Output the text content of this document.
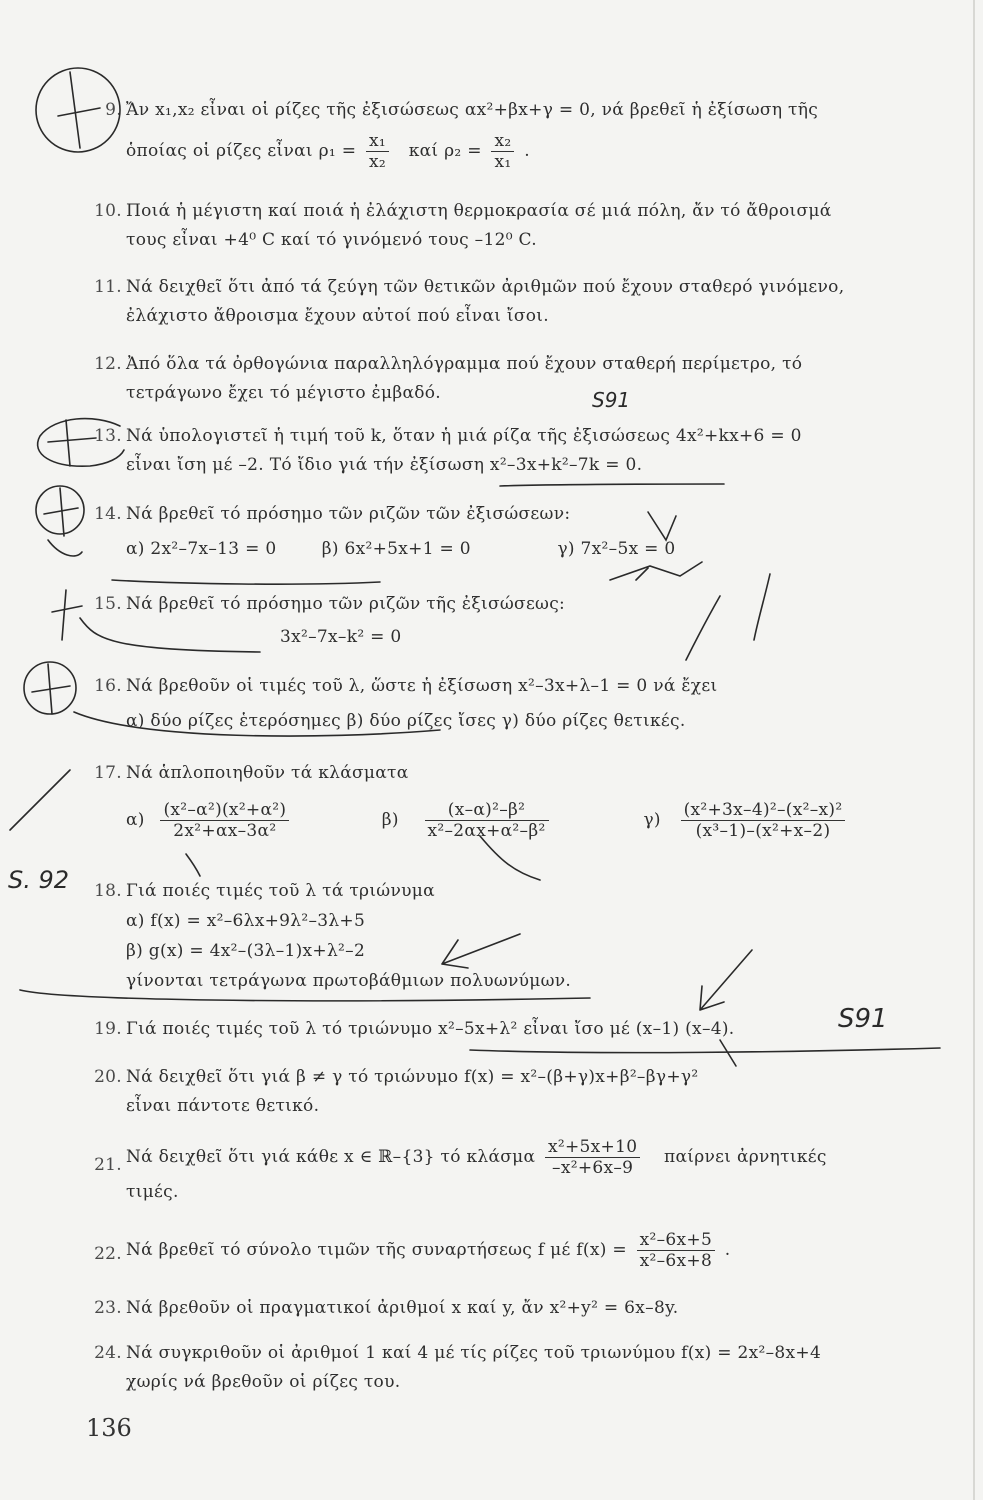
9. Ἄν x₁,x₂ εἶναι οἱ ρίζες τῆς ἐξισώσεως αx²+βx+γ = 0, νά βρεθεῖ ἡ ἐξίσωση τῆς
ὁποίας οἱ ρίζες εἶναι $\rho_1 = \frac{\text{x₁}}{\text{x₂}}$ καί $\rho_2 = \frac{\text{x₂}}{\text{x₁}}$ .
10. Ποιά ἡ μέγιστη καί ποιά ἡ ἐλάχιστη θερμοκρασία σέ μιά πόλη, ἄν τό ἄθροισμά
τους εἶναι +4⁰ C καί τό γινόμενό τους –12⁰ C.
11. Νά δειχθεῖ ὅτι ἀπό τά ζεύγη τῶν θετικῶν ἀριθμῶν πού ἔχουν σταθερό γινόμενο,
ἐλάχιστο ἄθροισμα ἔχουν αὐτοί πού εἶναι ἴσοι.
12. Ἀπό ὅλα τά ὀρθογώνια παραλληλόγραμμα πού ἔχουν σταθερή περίμετρο, τό
τετράγωνο ἔχει τό μέγιστο ἐμβαδό.
13. Νά ὑπολογιστεῖ ἡ τιμή τοῦ k, ὅταν ἡ μιά ρίζα τῆς ἐξισώσεως 4x²+kx+6 = 0
εἶναι ἴση μέ –2. Τό ἴδιο γιά τήν ἐξίσωση x²–3x+k²–7k = 0.
14. Νά βρεθεῖ τό πρόσημο τῶν ριζῶν τῶν ἐξισώσεων:
α) 2x²–7x–13 = 0	β) 6x²+5x+1 = 0	γ) 7x²–5x = 0
15. Νά βρεθεῖ τό πρόσημο τῶν ριζῶν τῆς ἐξισώσεως:
3x²–7x–k² = 0
16. Νά βρεθοῦν οἱ τιμές τοῦ λ, ὥστε ἡ ἐξίσωση x²–3x+λ–1 = 0 νά ἔχει
α) δύο ρίζες ἑτερόσημες β) δύο ρίζες ἴσες γ) δύο ρίζες θετικές.
17. Νά ἁπλοποιηθοῦν τά κλάσματα
$\alpha) \frac{\text{(x²–α²)(x²+α²)}}{\text{2x²+αx–3α²}}$	$\beta) \frac{\text{(x–α)²–β²}}{\text{x²–2αx+α²–β²}}$	$\gamma) \frac{\text{(x²+3x–4)²–(x²–x)²}}{\text{(x³–1)–(x²+x–2)}}$
18. Γιά ποιές τιμές τοῦ λ τά τριώνυμα
α) f(x) = x²–6λx+9λ²–3λ+5
β) g(x) = 4x²–(3λ–1)x+λ²–2
γίνονται τετράγωνα πρωτοβάθμιων πολυωνύμων.
19. Γιά ποιές τιμές τοῦ λ τό τριώνυμο x²–5x+λ² εἶναι ἴσο μέ (x–1) (x–4).
20. Νά δειχθεῖ ὅτι γιά β ≠ γ τό τριώνυμο f(x) = x²–(β+γ)x+β²–βγ+γ²
εἶναι πάντοτε θετικό.
21. Νά δειχθεῖ ὅτι γιά κάθε x ∈ ℝ–{3} τό κλάσμα $\frac{\text{x²+5x+10}}{\text{–x²+6x–9}}$ παίρνει ἀρνητικές
τιμές.
22. Νά βρεθεῖ τό σύνολο τιμῶν τῆς συναρτήσεως f μέ $f(x) = \frac{\text{x²–6x+5}}{\text{x²–6x+8}}$ .
23. Νά βρεθοῦν οἱ πραγματικοί ἀριθμοί x καί y, ἄν x²+y² = 6x–8y.
24. Νά συγκριθοῦν οἱ ἀριθμοί 1 καί 4 μέ τίς ρίζες τοῦ τριωνύμου f(x) = 2x²–8x+4
χωρίς νά βρεθοῦν οἱ ρίζες του.
136
S91
S. 92
S91
